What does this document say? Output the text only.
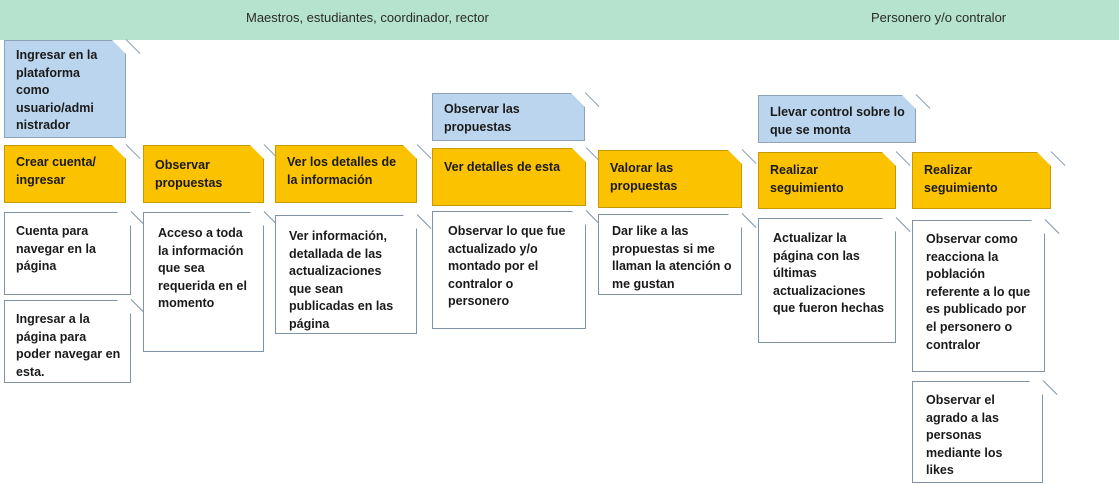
Maestros, estudiantes, coordinador, rector	Personero y/o contralor
Ingresar en la plataforma como usuario/admi nistrador
Observar las propuestas
Llevar control sobre lo que se monta
Crear cuenta/ ingresar
Observar propuestas
Ver los detalles de la información
Ver detalles de esta	Valorar las propuestas
Realizar seguimiento
Realizar seguimiento
Cuenta para navegar en la página
Ingresar a la página para poder navegar en esta.
Acceso a toda la información que sea requerida en el momento
Ver información, detallada de las actualizaciones que sean publicadas en las página
Observar lo que fue actualizado y/o montado por el contralor o personero
Dar like a las propuestas si me llaman la atención o me gustan
Actualizar la página con las últimas actualizaciones que fueron hechas
Observar como reacciona la población referente a lo que es publicado por el personero o contralor
Observar el agrado a las personas mediante los likes
